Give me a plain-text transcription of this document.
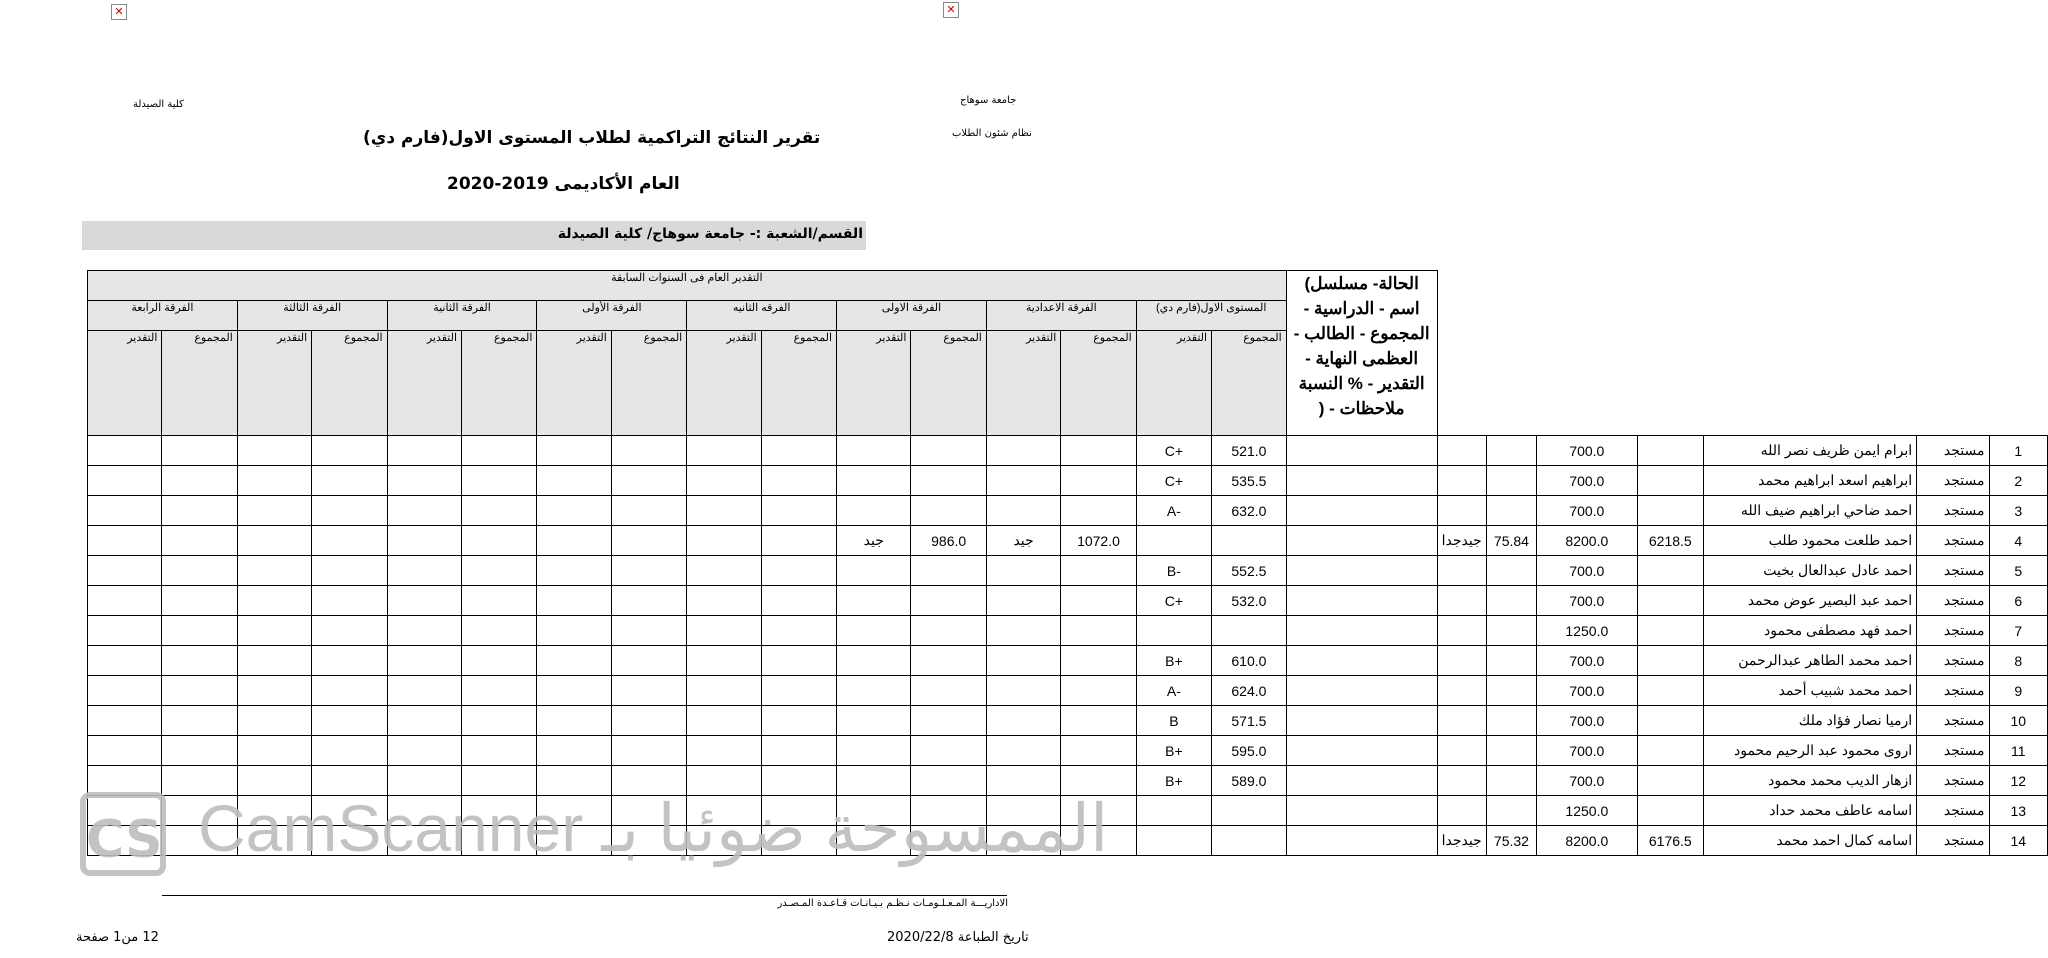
✕	✕
كلية الصيدلة	جامعة سوهاج
نظام شئون الطلاب
تقرير النتائج التراكمية لطلاب المستوى الاول(فارم دي)
العام الأكاديمى 2019-2020
القسم/الشعبة :- جامعة سوهاج/ كلية الصيدلة
التقدير العام فى السنوات السابقة																الحالة- مسلسل) اسم - الدراسية - المجموع - الطالب - العظمى النهاية - التقدير - % النسبة ملاحظات - (							
الفرقة الرابعة		الفرقة الثالثة		الفرقة الثانية		الفرقة الأولى		الفرقه الثانيه		الفرقة الاولى		الفرقة الاعدادية		المستوى الاول(فارم دي)									
التقدير	المجموع	التقدير	المجموع	التقدير	المجموع	التقدير	المجموع	التقدير	المجموع	التقدير	المجموع	التقدير	المجموع	التقدير	المجموع								
														C+	521.0				700.0		ابرام ايمن ظريف نصر الله	مستجد	1
														C+	535.5				700.0		ابراهيم اسعد ابراهيم محمد	مستجد	2
														A-	632.0				700.0		احمد ضاحي ابراهيم ضيف الله	مستجد	3
										جيد	986.0	جيد	1072.0				جيدجدا	75.84	8200.0	6218.5	احمد طلعت محمود طلب	مستجد	4
														B-	552.5				700.0		احمد عادل عبدالعال بخيت	مستجد	5
														C+	532.0				700.0		احمد عبد البصير عوض محمد	مستجد	6
																			1250.0		احمد فهد مصطفى محمود	مستجد	7
														B+	610.0				700.0		احمد محمد الطاهر عبدالرحمن	مستجد	8
														A-	624.0				700.0		احمد محمد شبيب أحمد	مستجد	9
														B	571.5				700.0		ارميا نصار فؤاد ملك	مستجد	10
														B+	595.0				700.0		اروى محمود عبد الرحيم محمود	مستجد	11
														B+	589.0				700.0		ازهار الديب محمد محمود	مستجد	12
																			1250.0		اسامه عاطف محمد حداد	مستجد	13
																	جيدجدا	75.32	8200.0	6176.5	اسامه كمال احمد محمد	مستجد	14
CS CamScanner الممسوحة ضوئيا بـ
الاداريـــة المـعـلـومـات نـظـم بـيـانـات قـاعـدة المـصـدر
تاريخ الطباعة 2020/22/8
12 من1 صفحة
